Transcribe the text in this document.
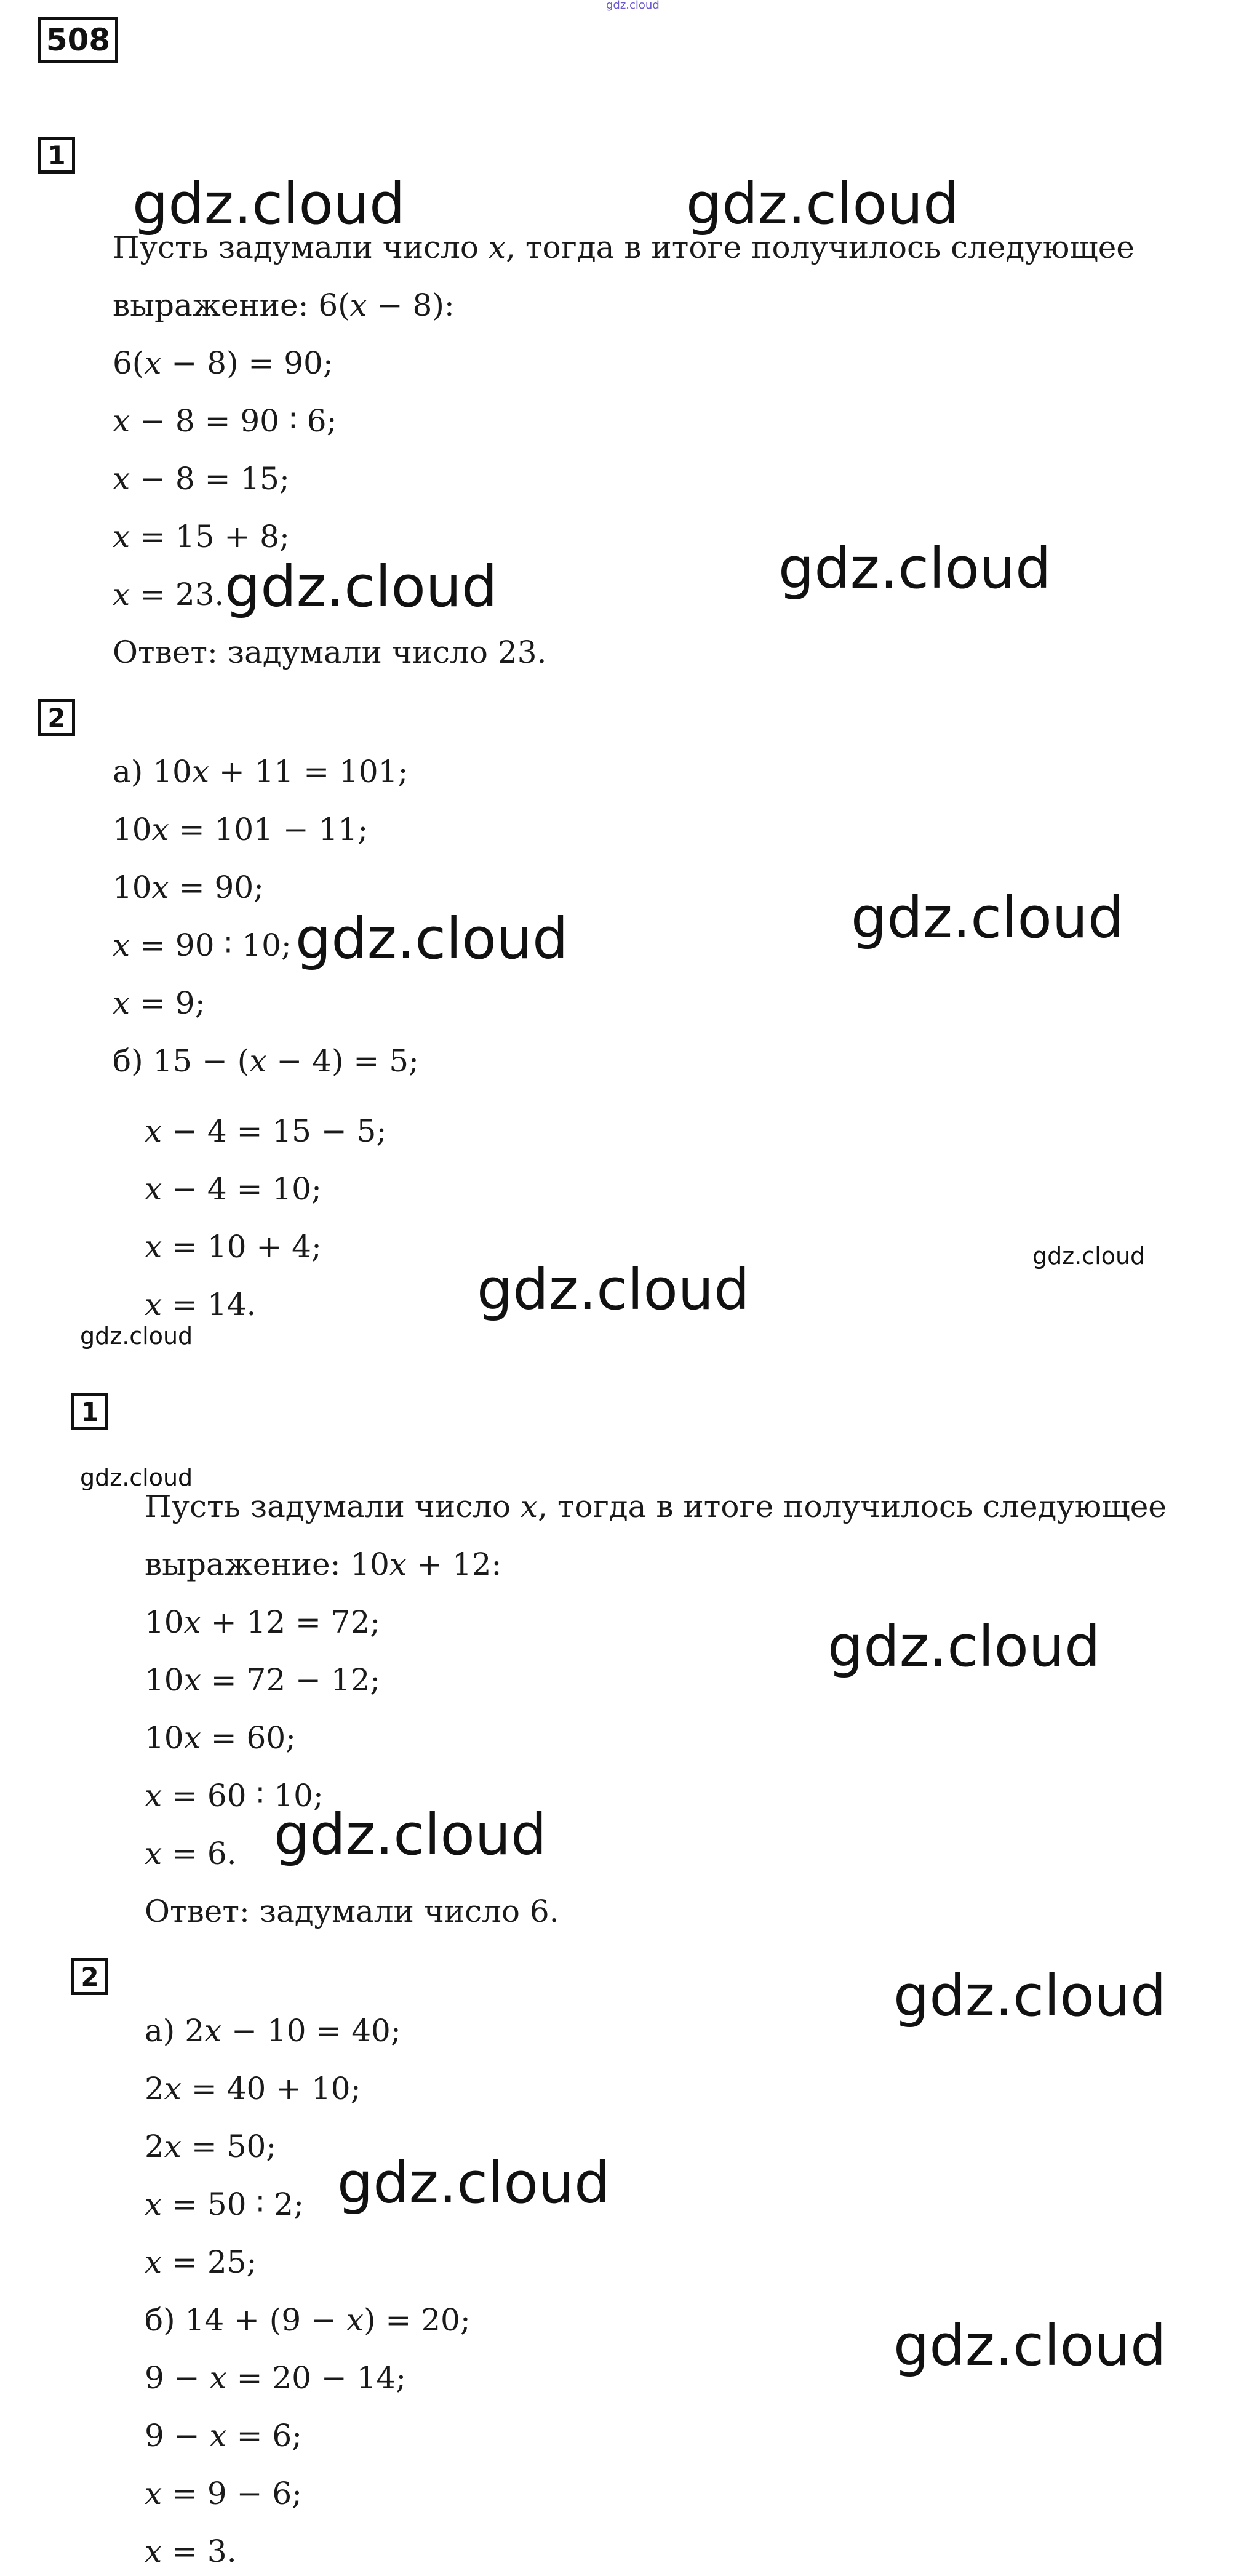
gdz.cloud
508
1
Пусть задумали число 𝑥, тогда в итоге получилось следующее
выражение: 6(𝑥 − 8):
6(𝑥 − 8) = 90;
𝑥 − 8 = 90 ∶ 6;
𝑥 − 8 = 15;
𝑥 = 15 + 8;
𝑥 = 23.
Ответ: задумали число 23.
2
а) 10𝑥 + 11 = 101;
10𝑥 = 101 − 11;
10𝑥 = 90;
𝑥 = 90 ∶ 10;
𝑥 = 9;
б) 15 − (𝑥 − 4) = 5;
𝑥 − 4 = 15 − 5;
𝑥 − 4 = 10;
𝑥 = 10 + 4;
𝑥 = 14.
1
Пусть задумали число 𝑥, тогда в итоге получилось следующее
выражение: 10𝑥 + 12:
10𝑥 + 12 = 72;
10𝑥 = 72 − 12;
10𝑥 = 60;
𝑥 = 60 ∶ 10;
𝑥 = 6.
Ответ: задумали число 6.
2
а) 2𝑥 − 10 = 40;
2𝑥 = 40 + 10;
2𝑥 = 50;
𝑥 = 50 ∶ 2;
𝑥 = 25;
б) 14 + (9 − 𝑥) = 20;
9 − 𝑥 = 20 − 14;
9 − 𝑥 = 6;
𝑥 = 9 − 6;
𝑥 = 3.
gdz.cloud	gdz.cloud
gdz.cloud	gdz.cloud
gdz.cloud	gdz.cloud
gdz.cloud
gdz.cloud
gdz.cloud
gdz.cloud
gdz.cloud
gdz.cloud
gdz.cloud
gdz.cloud
gdz.cloud
